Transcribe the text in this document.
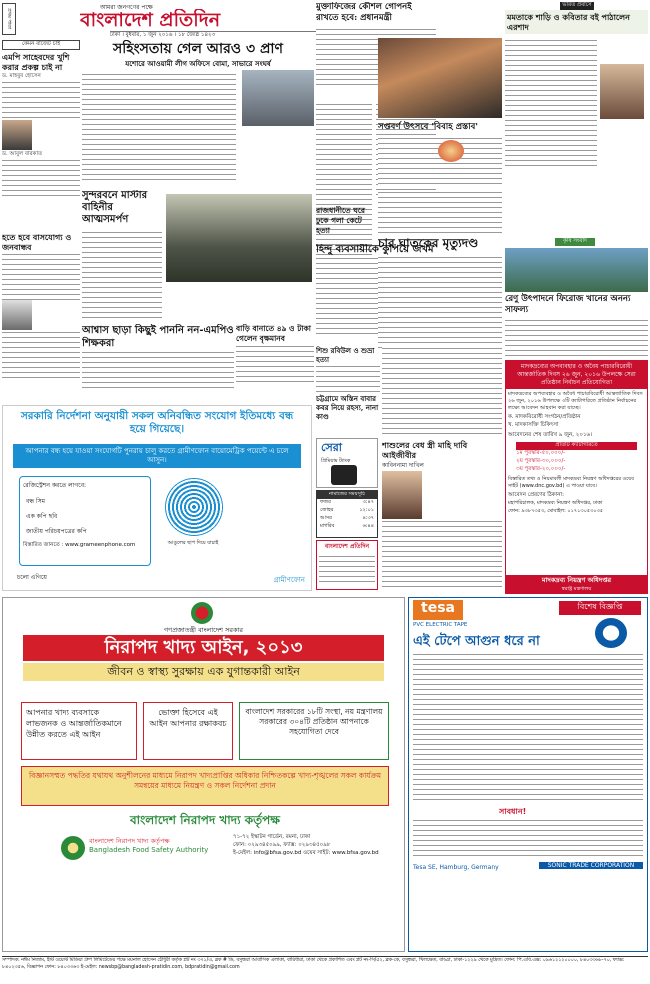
প্রথম পাতা
আমরা জনগণের পক্ষে
বাংলাদেশ প্রতিদিন
ঢাকা । বুধবার, ১ জুন ২০১৬ । ১৮ জ্যৈষ্ঠ ১৪২৩
মুক্তাফিজের কৌশল গোপনই রাখতে হবে: প্রধানমন্ত্রী
সপ্তবর্ণ উৎসবে 'বিবাহ প্রস্তাব'
ভারত প্রবাসে
মমতাকে শাড়ি ও কবিতার বই পাঠালেন এরশাদ
কৃষি সংবাদ
রেণু উৎপাদনে ফিরোজ খানের অনন্য সাফল্য
কেমন বাজেট চাই
এমপি সাহেবদের খুশি করার প্রকল্প চাই না
ড. মাহবুব হোসেন
ড. আবুল বারকাত
সহিংসতায় গেল আরও ৩ প্রাণ
যশোরে আওয়ামী লীগ অফিসে বোমা, সাভারে সংঘর্ষ
রাজধানীতে ঘরে ঢুকে গলা কেটে হত্যা
হতে হবে বাসযোগ্য ও জনবান্ধব
সুন্দরবনে মাস্টার বাহিনীর আত্মসমর্পণ
হিন্দু ব্যবসায়ীকে কুপিয়ে জখম
চার ঘাতকের মৃত্যুদণ্ড
আশ্বাস ছাড়া কিছুই পাননি নন-এমপিও শিক্ষকরা
বাড়ি বানাতে ৪৯ ও টাকা গেলেন বৃক্ষমানব
শিশু রবিউল ও শুভ্রা হত্যা
চট্টগ্রামে অস্তিন বাবার কবর নিয়ে রহস্য, নানা কাণ্ড
সরকারি নির্দেশনা অনুযায়ী সকল অনিবন্ধিত সংযোগ ইতিমধ্যে বন্ধ হয়ে গিয়েছে।
আপনার বন্ধ হয়ে যাওয়া সংযোগটি পুনরায় চালু করতে গ্রামীণফোন বায়োমেট্রিক পয়েন্টে এ চলে আসুন।
রেজিস্ট্রেশন করতে লাগবে:
বন্ধ সিম
এক কপি ছবি
জাতীয় পরিচয়পত্রের কপি
বিস্তারিত জানতে : www.grameenphone.com	আঙুলের ছাপ দিয়ে যাচাই
চলো এগিয়ে	গ্রামীণফোন
সেরা
প্রিমিয়াম ট্যাংক
নামাজের সময়সূচি
ফজর	৩:৪৭
জোহর	১২:০১
আসর	৪:৩৭
মাগরিব	৬:৪৪
বাংলাদেশ প্রতিদিন
শাশুলের বেধ স্ত্রী মাহি দাবি আইজীবীর
কাবিননামা দাখিল
মাদকদ্রব্যের অপব্যবহার ও অবৈধ পাচারবিরোধী আন্তর্জাতিক দিবস ২৬ জুন, ২০১৬ উপলক্ষে সেরা প্রতিষ্ঠান নির্বাচন প্রতিযোগিতা
মাদকদ্রব্যের অপব্যবহার ও অবৈধ পাচারবিরোধী আন্তর্জাতিক দিবস ২৬ জুন, ২০১৬ উপলক্ষে ৩টি ক্যাটাগরিতে প্রতিষ্ঠান নির্বাচনের লক্ষ্যে আবেদন আহবান করা যাচ্ছে।
ক. মাদকবিরোধী সংগঠন/প্রতিষ্ঠান
খ. মাদকাসক্তি চিকিৎসা
আবেদনের শেষ তারিখ ৯ জুন, ২০১৬।
প্রতিটি ক্যাটাগরিতে
১ম পুরস্কার-৫০,০০০/-
২য় পুরস্কার-৩০,০০০/-
৩য় পুরস্কার-২০,০০০/-
বিস্তারিত তথ্য ও নিয়মাবলী মাদকদ্রব্য নিয়ন্ত্রণ অধিদপ্তরের ওয়েব সাইট (www.dnc.gov.bd) এ পাওয়া যাবে।
আবেদন প্রেরণের ঠিকানা:
মহাপরিচালক, মাদকদ্রব্য নিয়ন্ত্রণ অধিদপ্তর, ঢাকা
ফোন: ৯৩৮৭৩৫৩, মোবাইল: ০১৭১৩০৫৩০৩৫
মাদকদ্রব্য নিয়ন্ত্রণ অধিদপ্তর
স্বরাষ্ট্র মন্ত্রণালয়
গণপ্রজাতন্ত্রী বাংলাদেশ সরকার
নিরাপদ খাদ্য আইন, ২০১৩
জীবন ও স্বাস্থ্য সুরক্ষায় এক যুগান্তকারী আইন
আপনার খাদ্য ব্যবসাকে লাভজনক ও আন্তর্জাতিকমানে উন্নীত করতে এই আইন
ভোক্তা হিসেবে এই আইন আপনার রক্ষাকবচ
বাংলাদেশ সরকারের ১৮টি সংস্থা, নয় মন্ত্রণালয় সরকারের ৩০৪টি প্রতিষ্ঠান আপনাকে সহযোগিতা দেবে
বিজ্ঞানসম্মত পদ্ধতির যথাযথ অনুশীলনের মাধ্যমে নিরাপদ খাদ্যপ্রাপ্তির অধিকার নিশ্চিতকল্পে খাদ্য-শৃঙ্খলের সকল কার্যক্রম সমন্বয়ের মাধ্যমে নিয়ন্ত্রণ ও সকল নির্দেশনা প্রদান
বাংলাদেশ নিরাপদ খাদ্য কর্তৃপক্ষ
বাংলাদেশ নিরাপদ খাদ্য কর্তৃপক্ষ
Bangladesh Food Safety Authority
৭১-৭২ ইস্কাটন গার্ডেন, রমনা, ঢাকা
ফোন: ০২৯৩৪৫০৯৯, ফ্যাক্স: ০২৯৩৪৫০৯৮
ই-মেইল: info@bfsa.gov.bd ওয়েব সাইট: www.bfsa.gov.bd
tesa
PVC ELECTRIC TAPE
বিশেষ বিজ্ঞপ্তি
এই টেপে আগুন ধরে না
সাবধান!
Tesa SE, Hamburg, Germany	SONIC TRADE CORPORATION
সম্পাদক: নঈম নিজাম, ইস্ট ওয়েস্ট মিডিয়া গ্রুপ লিমিটেডের পক্ষে ময়নাল হোসেন চৌধুরী কর্তৃক প্লট নং ৩৭১/এ, ব্লক # ডি, বসুন্ধরা আবাসিক এলাকা, বারিধারা, ঢাকা থেকে প্রকাশিত এবং প্লট নং-সি/৫২, ব্লক-কে, বসুন্ধরা, খিলক্ষেত, বাড্ডা, ঢাকা-১২২৯ থেকে মুদ্রিত। ফোন: পি.এবি.এক্স: ০৯৬১২১২০০০০, ৮৪০৩৩৬৮-৭০, ফ্যাক্স: ৮৪০২৩৫৬, বিজ্ঞাপন ফোন: ৮৪০৩৩৬৩ ই-মেইল: newsbp@bangladesh-pratidin.com, bdpratidin@gmail.com
